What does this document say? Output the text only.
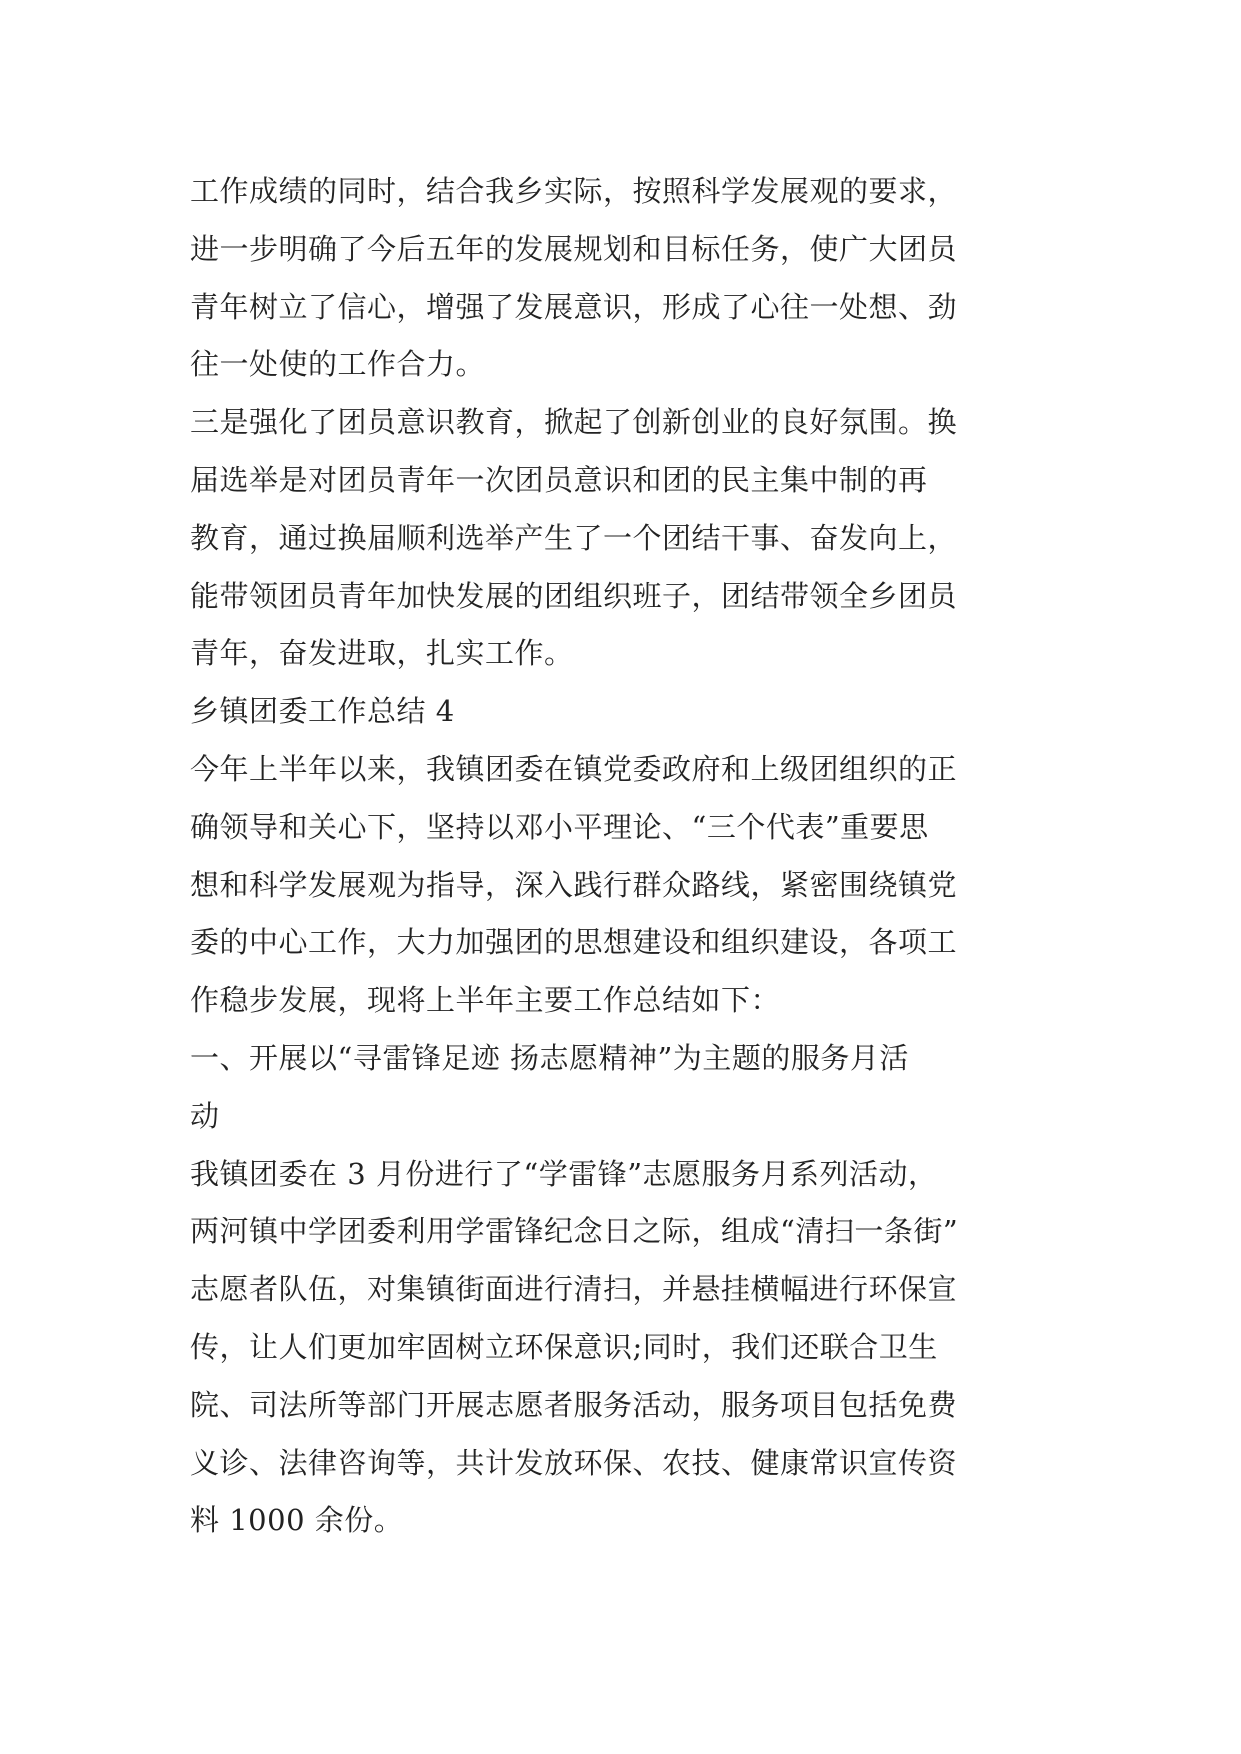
工作成绩的同时，结合我乡实际，按照科学发展观的要求，
进一步明确了今后五年的发展规划和目标任务，使广大团员
青年树立了信心，增强了发展意识，形成了心往一处想、劲
往一处使的工作合力。
三是强化了团员意识教育，掀起了创新创业的良好氛围。换
届选举是对团员青年一次团员意识和团的民主集中制的再
教育，通过换届顺利选举产生了一个团结干事、奋发向上，
能带领团员青年加快发展的团组织班子，团结带领全乡团员
青年，奋发进取，扎实工作。
乡镇团委工作总结 4
今年上半年以来，我镇团委在镇党委政府和上级团组织的正
确领导和关心下，坚持以邓小平理论、“三个代表”重要思
想和科学发展观为指导，深入践行群众路线，紧密围绕镇党
委的中心工作，大力加强团的思想建设和组织建设，各项工
作稳步发展，现将上半年主要工作总结如下：
一、开展以“寻雷锋足迹 扬志愿精神”为主题的服务月活
动
我镇团委在 3 月份进行了“学雷锋”志愿服务月系列活动，
两河镇中学团委利用学雷锋纪念日之际，组成“清扫一条街”
志愿者队伍，对集镇街面进行清扫，并悬挂横幅进行环保宣
传，让人们更加牢固树立环保意识;同时，我们还联合卫生
院、司法所等部门开展志愿者服务活动，服务项目包括免费
义诊、法律咨询等，共计发放环保、农技、健康常识宣传资
料 1000 余份。
